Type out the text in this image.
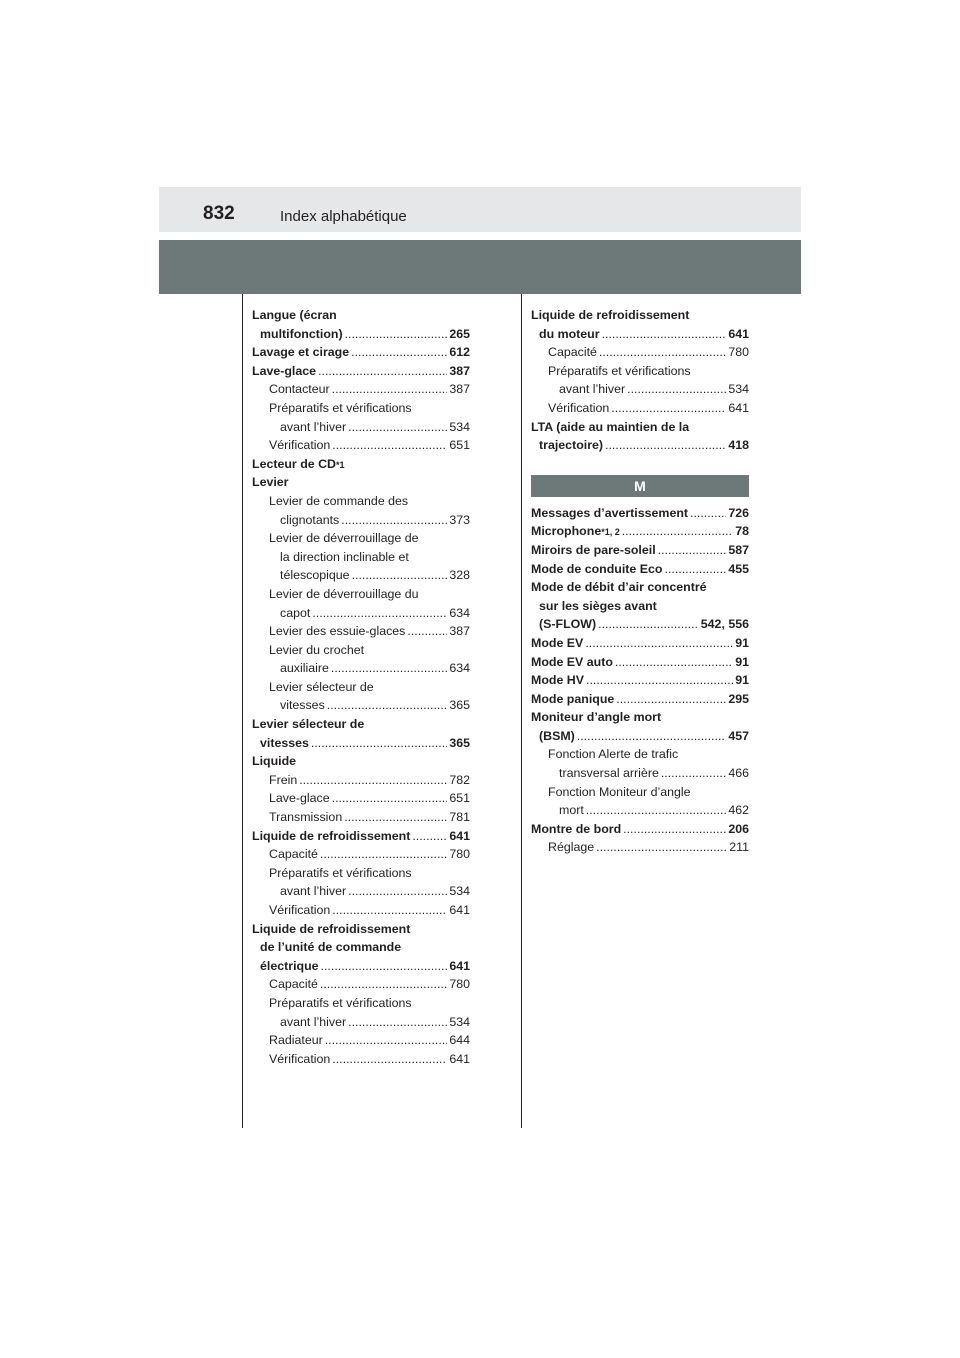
832	Index alphabétique
Langue (écran
multifonction) .....	265
Lavage et cirage .....	612
Lave-glace .....	387
Contacteur .....	387
Préparatifs et vérifications
avant l’hiver .....	534
Vérification .....	651
Lecteur de CD *1
Levier
Levier de commande des
clignotants .....	373
Levier de déverrouillage de
la direction inclinable et
télescopique .....	328
Levier de déverrouillage du
capot .....	634
Levier des essuie-glaces .....	387
Levier du crochet
auxiliaire .....	634
Levier sélecteur de
vitesses .....	365
Levier sélecteur de
vitesses .....	365
Liquide
Frein .....	782
Lave-glace .....	651
Transmission .....	781
Liquide de refroidissement .....	641
Capacité .....	780
Préparatifs et vérifications
avant l’hiver .....	534
Vérification .....	641
Liquide de refroidissement
de l’unité de commande
électrique .....	641
Capacité .....	780
Préparatifs et vérifications
avant l’hiver .....	534
Radiateur .....	644
Vérification .....	641
Liquide de refroidissement
du moteur .....	641
Capacité .....	780
Préparatifs et vérifications
avant l’hiver .....	534
Vérification .....	641
LTA (aide au maintien de la
trajectoire) .....	418
M
Messages d’avertissement .....	726
Microphone *1, 2 .....	78
Miroirs de pare-soleil .....	587
Mode de conduite Eco .....	455
Mode de débit d’air concentré
sur les sièges avant
(S-FLOW) .....	542, 556
Mode EV .....	91
Mode EV auto .....	91
Mode HV .....	91
Mode panique .....	295
Moniteur d’angle mort
(BSM) .....	457
Fonction Alerte de trafic
transversal arrière .....	466
Fonction Moniteur d’angle
mort .....	462
Montre de bord .....	206
Réglage .....	211
